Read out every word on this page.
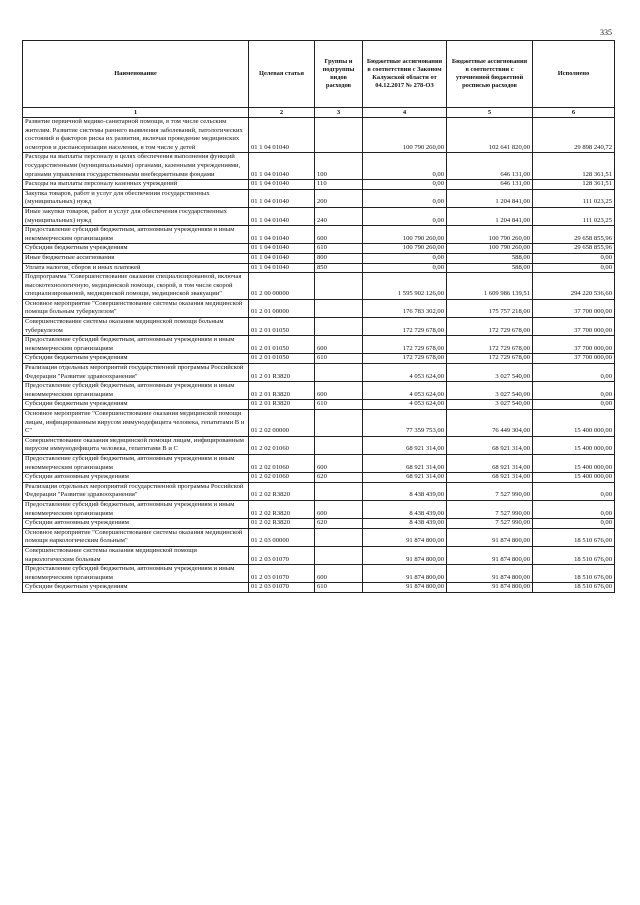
335
Наименование	Целевая статья	Группы и подгруппы видов расходов	Бюджетные ассигнования в соответствии с Законом Калужской области от 04.12.2017 № 278-ОЗ	Бюджетные ассигнования в соответствии с уточненной бюджетной росписью расходов	Исполнено
1	2	3	4	5	6
Развитие первичной медико-санитарной помощи, в том числе сельским жителям. Развитие системы раннего выявления заболеваний, патологических состояний и факторов риска их развития, включая проведение медицинских осмотров и диспансеризации населения, в том числе у детей	01 1 04 01040		100 790 260,00	102 641 820,00	29 898 240,72
Расходы на выплаты персоналу в целях обеспечения выполнения функций государственными (муниципальными) органами, казенными учреждениями, органами управления государственными внебюджетными фондами	01 1 04 01040	100	0,00	646 131,00	128 361,51
Расходы на выплаты персоналу казенных учреждений	01 1 04 01040	110	0,00	646 131,00	128 361,51
Закупка товаров, работ и услуг для обеспечения государственных (муниципальных) нужд	01 1 04 01040	200	0,00	1 204 841,00	111 023,25
Иные закупки товаров, работ и услуг для обеспечения государственных (муниципальных) нужд	01 1 04 01040	240	0,00	1 204 841,00	111 023,25
Предоставление субсидий бюджетным, автономным учреждениям и иным некоммерческим организациям	01 1 04 01040	600	100 790 260,00	100 790 260,00	29 658 855,96
Субсидии бюджетным учреждениям	01 1 04 01040	610	100 790 260,00	100 790 260,00	29 658 855,96
Иные бюджетные ассигнования	01 1 04 01040	800	0,00	588,00	0,00
Уплата налогов, сборов и иных платежей	01 1 04 01040	850	0,00	588,00	0,00
Подпрограмма "Совершенствование оказания специализированной, включая высокотехнологичную, медицинской помощи, скорой, в том числе скорой специализированной, медицинской помощи, медицинской эвакуации"	01 2 00 00000		1 595 902 126,00	1 609 986 139,51	294 220 536,60
Основное мероприятие "Совершенствование системы оказания медицинской помощи больным туберкулезом"	01 2 01 00000		176 783 302,00	175 757 218,00	37 700 000,00
Совершенствование системы оказания медицинской помощи больным туберкулезом	01 2 01 01050		172 729 678,00	172 729 678,00	37 700 000,00
Предоставление субсидий бюджетным, автономным учреждениям и иным некоммерческим организациям	01 2 01 01050	600	172 729 678,00	172 729 678,00	37 700 000,00
Субсидии бюджетным учреждениям	01 2 01 01050	610	172 729 678,00	172 729 678,00	37 700 000,00
Реализация отдельных мероприятий государственной программы Российской Федерации "Развитие здравоохранения"	01 2 01 R3820		4 053 624,00	3 027 540,00	0,00
Предоставление субсидий бюджетным, автономным учреждениям и иным некоммерческим организациям	01 2 01 R3820	600	4 053 624,00	3 027 540,00	0,00
Субсидии бюджетным учреждениям	01 2 01 R3820	610	4 053 624,00	3 027 540,00	0,00
Основное мероприятие "Совершенствование оказания медицинской помощи лицам, инфицированным вирусом иммунодефицита человека, гепатитами В и С"	01 2 02 00000		77 359 753,00	76 449 304,00	15 400 000,00
Совершенствование оказания медицинской помощи лицам, инфицированным вирусом иммунодефицита человека, гепатитами В и С	01 2 02 01060		68 921 314,00	68 921 314,00	15 400 000,00
Предоставление субсидий бюджетным, автономным учреждениям и иным некоммерческим организациям	01 2 02 01060	600	68 921 314,00	68 921 314,00	15 400 000,00
Субсидии автономным учреждениям	01 2 02 01060	620	68 921 314,00	68 921 314,00	15 400 000,00
Реализация отдельных мероприятий государственной программы Российской Федерации "Развитие здравоохранения"	01 2 02 R3820		8 438 439,00	7 527 990,00	0,00
Предоставление субсидий бюджетным, автономным учреждениям и иным некоммерческим организациям	01 2 02 R3820	600	8 438 439,00	7 527 990,00	0,00
Субсидии автономным учреждениям	01 2 02 R3820	620	8 438 439,00	7 527 990,00	0,00
Основное мероприятие "Совершенствование системы оказания медицинской помощи наркологическим больным"	01 2 03 00000		91 874 800,00	91 874 800,00	18 510 676,00
Совершенствование системы оказания медицинской помощи наркологическим больным	01 2 03 01070		91 874 800,00	91 874 800,00	18 510 676,00
Предоставление субсидий бюджетным, автономным учреждениям и иным некоммерческим организациям	01 2 03 01070	600	91 874 800,00	91 874 800,00	18 510 676,00
Субсидии бюджетным учреждениям	01 2 03 01070	610	91 874 800,00	91 874 800,00	18 510 676,00
